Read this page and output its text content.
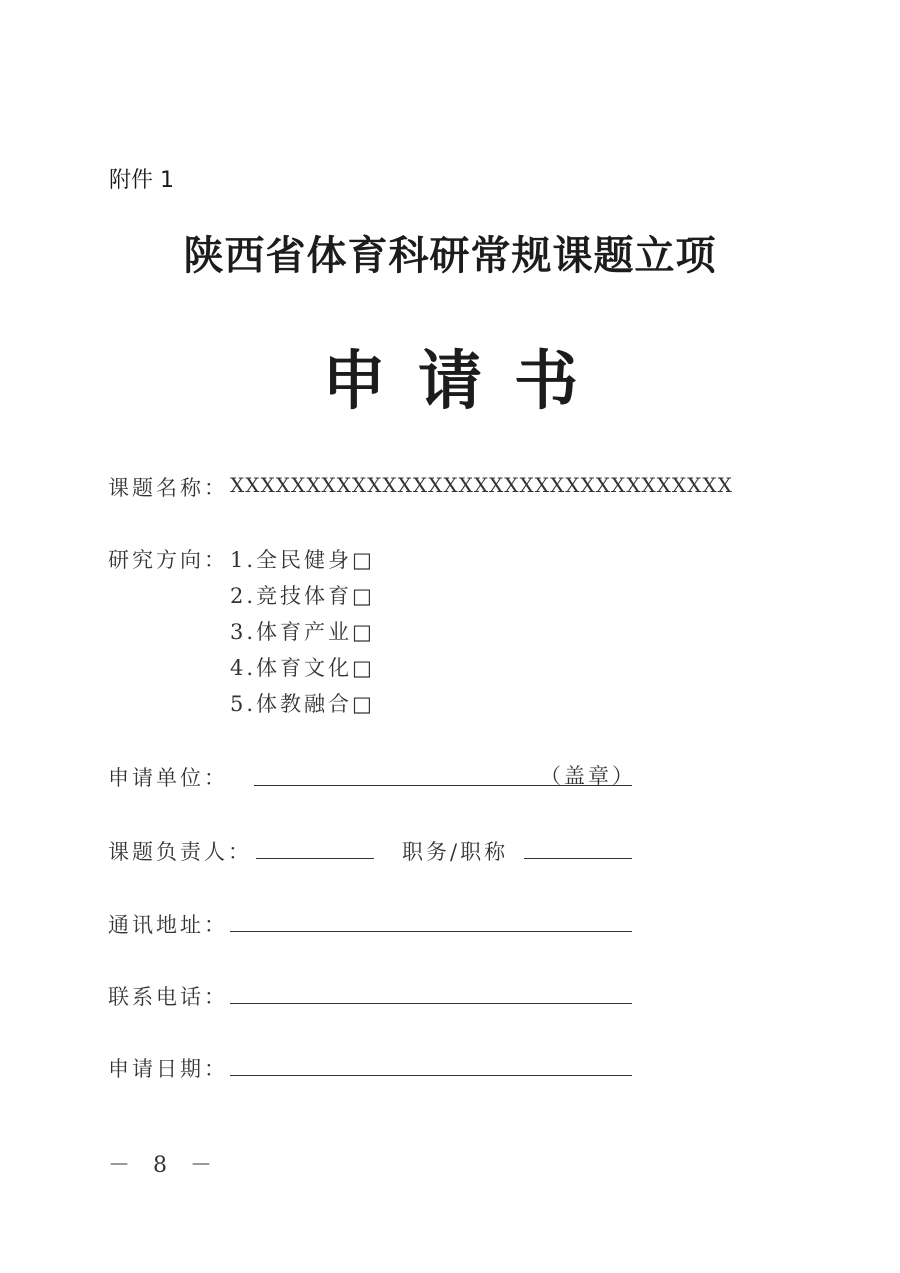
附件 1
陕西省体育科研常规课题立项
申请书
课题名称： XXXXXXXXXXXXXXXXXXXXXXXXXXXXXXXXX
研究方向： 1.全民健身□
2.竞技体育□
3.体育产业□
4.体育文化□
5.体教融合□
申请单位：	（盖章）
课题负责人：	职务/职称
通讯地址：
联系电话：
申请日期：
－ 8 －
